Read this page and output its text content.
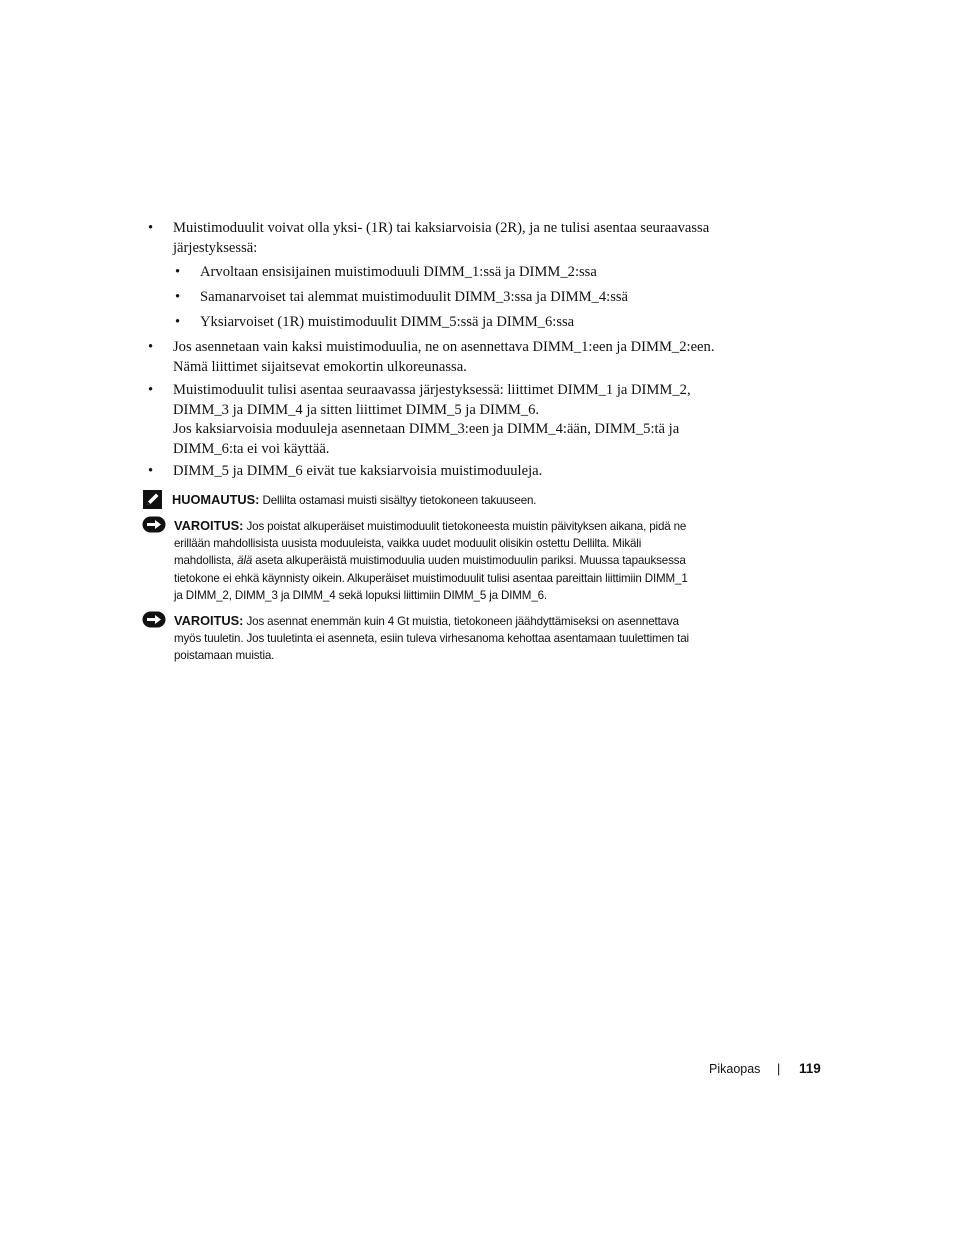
• Muistimoduulit voivat olla yksi- (1R) tai kaksiarvoisia (2R), ja ne tulisi asentaa seuraavassa
järjestyksessä:
• Arvoltaan ensisijainen muistimoduuli DIMM_1:ssä ja DIMM_2:ssa
• Samanarvoiset tai alemmat muistimoduulit DIMM_3:ssa ja DIMM_4:ssä
• Yksiarvoiset (1R) muistimoduulit DIMM_5:ssä ja DIMM_6:ssa
• Jos asennetaan vain kaksi muistimoduulia, ne on asennettava DIMM_1:een ja DIMM_2:een.
Nämä liittimet sijaitsevat emokortin ulkoreunassa.
• Muistimoduulit tulisi asentaa seuraavassa järjestyksessä: liittimet DIMM_1 ja DIMM_2,
DIMM_3 ja DIMM_4 ja sitten liittimet DIMM_5 ja DIMM_6.
Jos kaksiarvoisia moduuleja asennetaan DIMM_3:een ja DIMM_4:ään, DIMM_5:tä ja
DIMM_6:ta ei voi käyttää.
• DIMM_5 ja DIMM_6 eivät tue kaksiarvoisia muistimoduuleja.
HUOMAUTUS: Dellilta ostamasi muisti sisältyy tietokoneen takuuseen.
VAROITUS: Jos poistat alkuperäiset muistimoduulit tietokoneesta muistin päivityksen aikana, pidä ne
erillään mahdollisista uusista moduuleista, vaikka uudet moduulit olisikin ostettu Dellilta. Mikäli
mahdollista, älä aseta alkuperäistä muistimoduulia uuden muistimoduulin pariksi. Muussa tapauksessa
tietokone ei ehkä käynnisty oikein. Alkuperäiset muistimoduulit tulisi asentaa pareittain liittimiin DIMM_1
ja DIMM_2, DIMM_3 ja DIMM_4 sekä lopuksi liittimiin DIMM_5 ja DIMM_6.
VAROITUS: Jos asennat enemmän kuin 4 Gt muistia, tietokoneen jäähdyttämiseksi on asennettava
myös tuuletin. Jos tuuletinta ei asenneta, esiin tuleva virhesanoma kehottaa asentamaan tuulettimen tai
poistamaan muistia.
Pikaopas | 119
